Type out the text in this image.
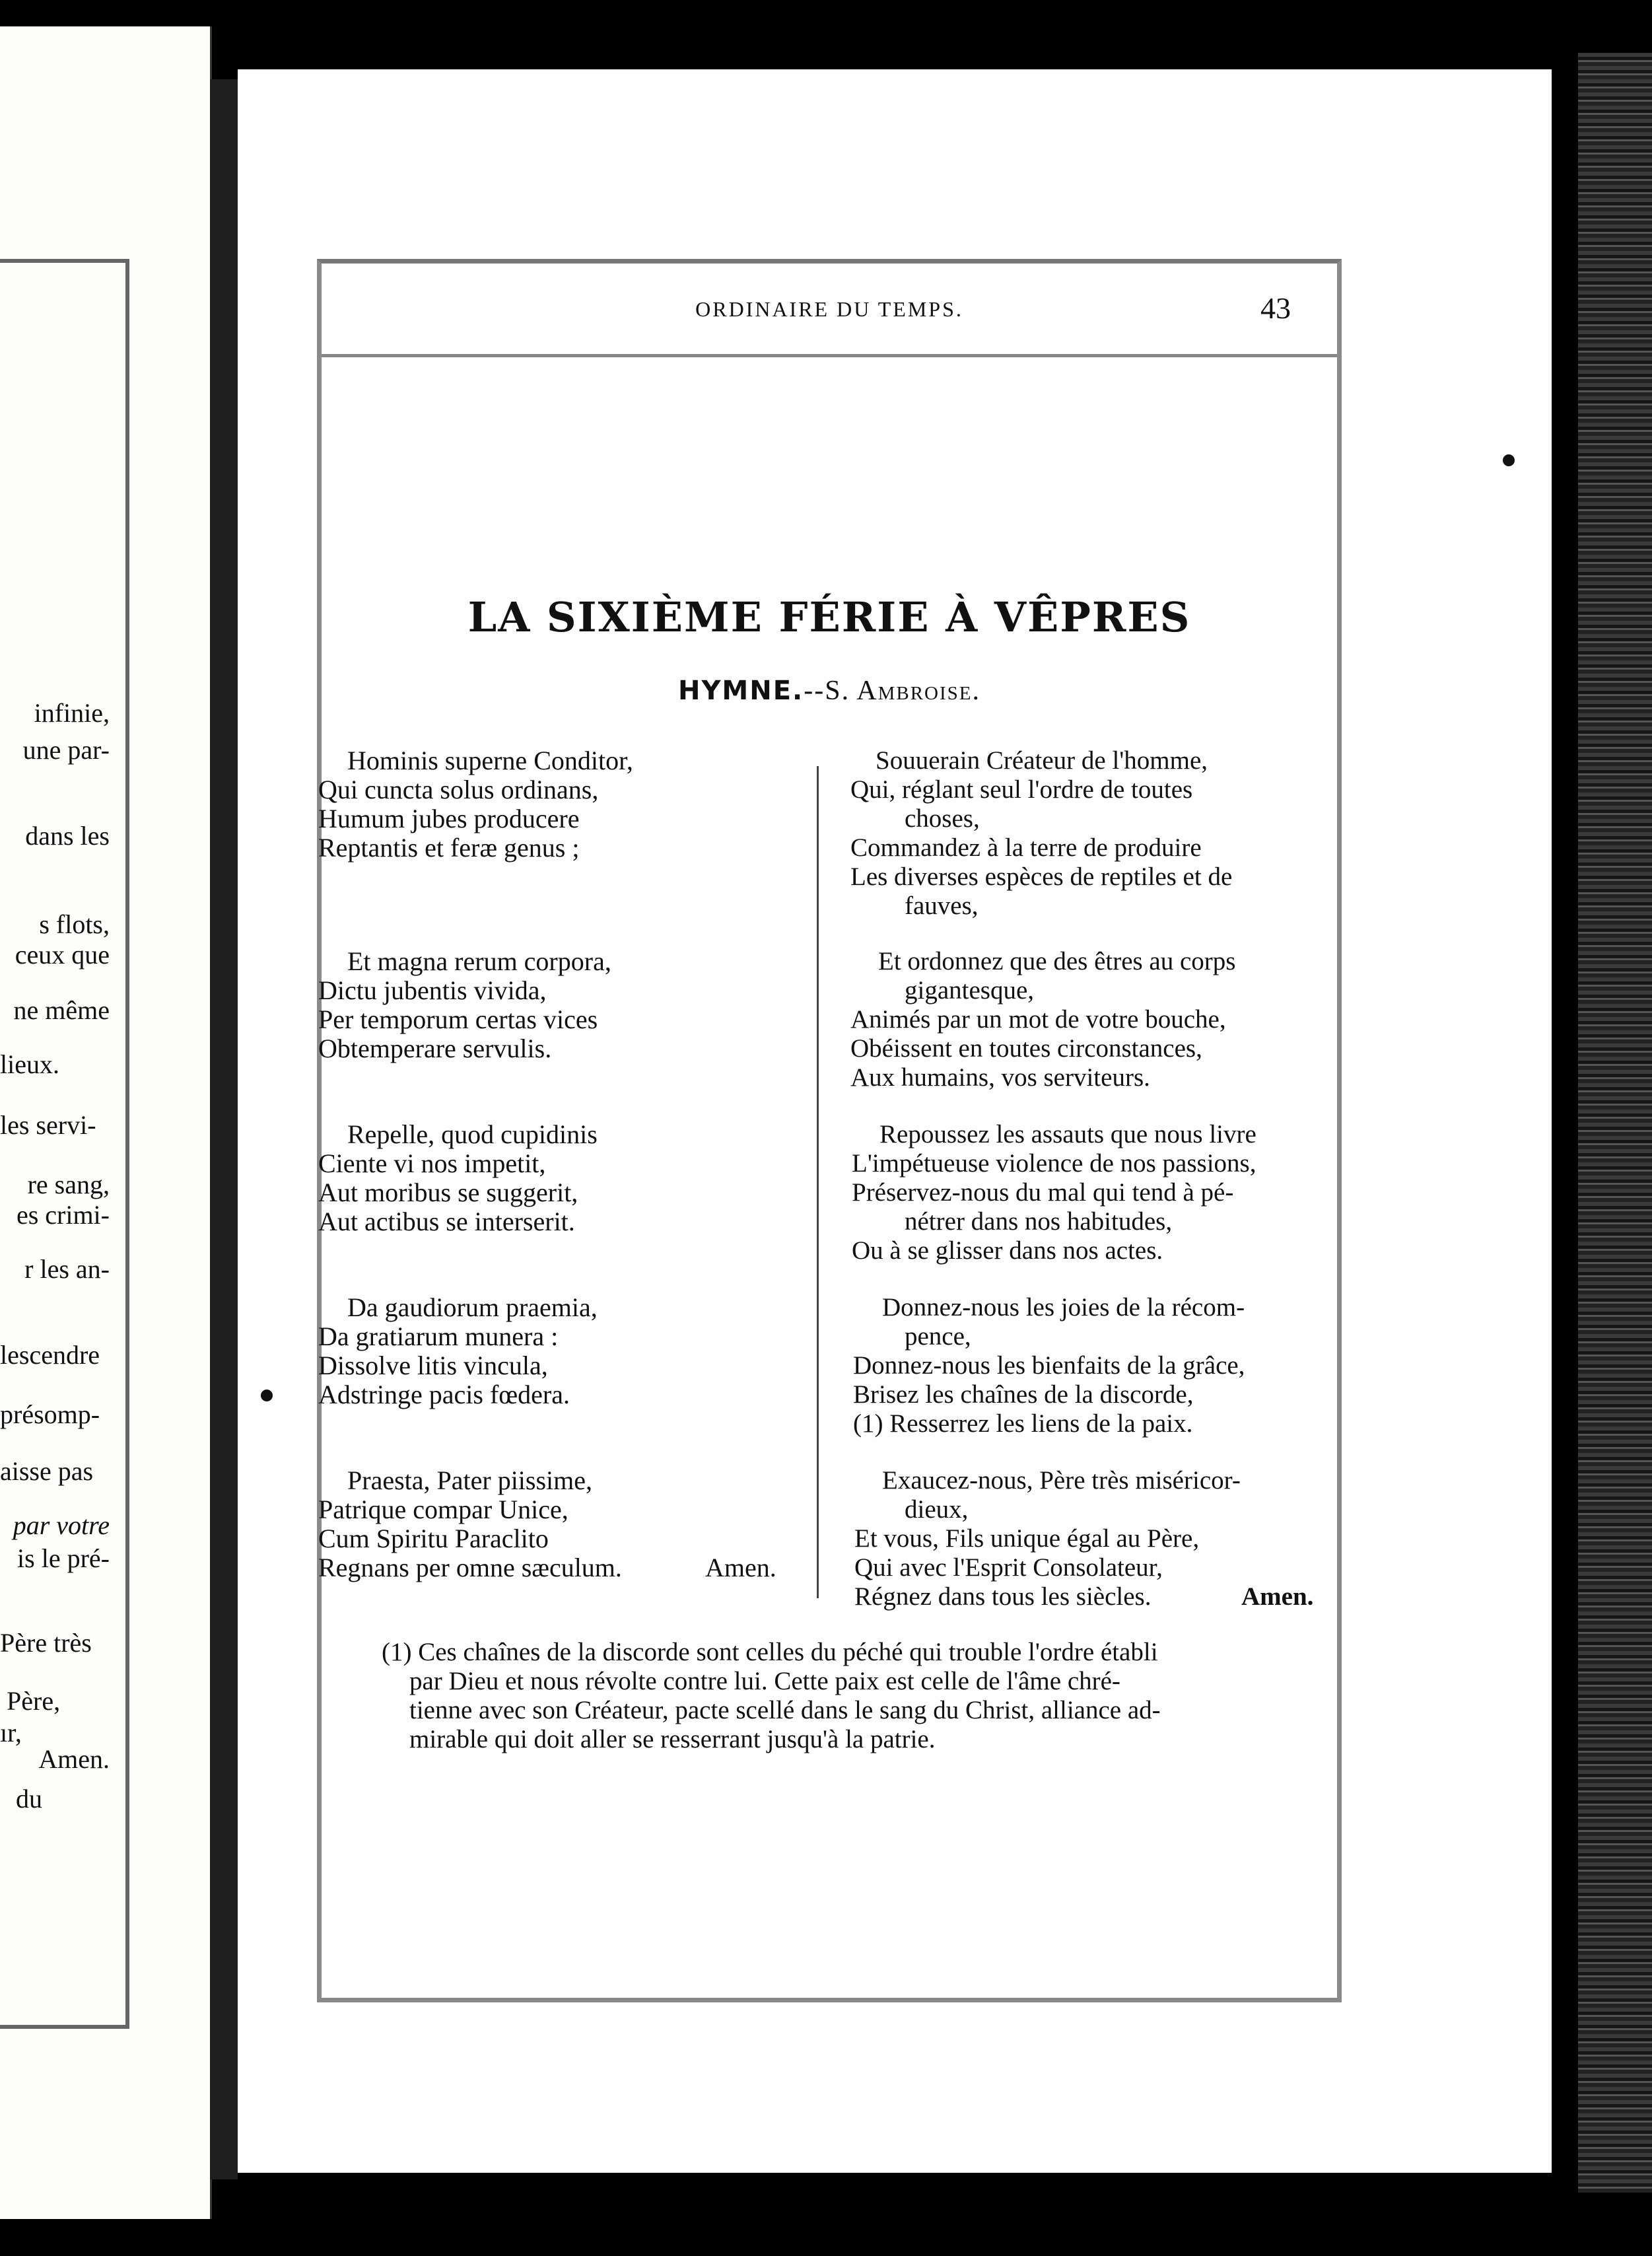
infinie,
une par-
dans les
s flots,
ceux que
ne même
lieux.
les servi-
re sang,
es crimi-
r les an-
lescendre
présomp-
aisse pas
par votre
is le pré-
Père très
Père,
ır,
Amen.
du
ORDINAIRE DU TEMPS.	43
LA SIXIÈME FÉRIE À VÊPRES
HYMNE.--S. Ambroise.
Hominis superne Conditor,
Qui cuncta solus ordinans,
Humum jubes producere
Reptantis et feræ genus ;
Et magna rerum corpora,
Dictu jubentis vivida,
Per temporum certas vices
Obtemperare servulis.
Repelle, quod cupidinis
Ciente vi nos impetit,
Aut moribus se suggerit,
Aut actibus se interserit.
Da gaudiorum praemia,
Da gratiarum munera :
Dissolve litis vincula,
Adstringe pacis fœdera.
Praesta, Pater piissime,
Patrique compar Unice,
Cum Spiritu Paraclito
Regnans per omne sæculum.	Amen.
Souuerain Créateur de l'homme,
Qui, réglant seul l'ordre de toutes
choses,
Commandez à la terre de produire
Les diverses espèces de reptiles et de
fauves,
Et ordonnez que des êtres au corps
gigantesque,
Animés par un mot de votre bouche,
Obéissent en toutes circonstances,
Aux humains, vos serviteurs.
Repoussez les assauts que nous livre
L'impétueuse violence de nos passions,
Préservez-nous du mal qui tend à pé-
nétrer dans nos habitudes,
Ou à se glisser dans nos actes.
Donnez-nous les joies de la récom-
pence,
Donnez-nous les bienfaits de la grâce,
Brisez les chaînes de la discorde,
(1) Resserrez les liens de la paix.
Exaucez-nous, Père très miséricor-
dieux,
Et vous, Fils unique égal au Père,
Qui avec l'Esprit Consolateur,
Régnez dans tous les siècles.	Amen.
(1) Ces chaînes de la discorde sont celles du péché qui trouble l'ordre établi
par Dieu et nous révolte contre lui. Cette paix est celle de l'âme chré-
tienne avec son Créateur, pacte scellé dans le sang du Christ, alliance ad-
mirable qui doit aller se resserrant jusqu'à la patrie.
